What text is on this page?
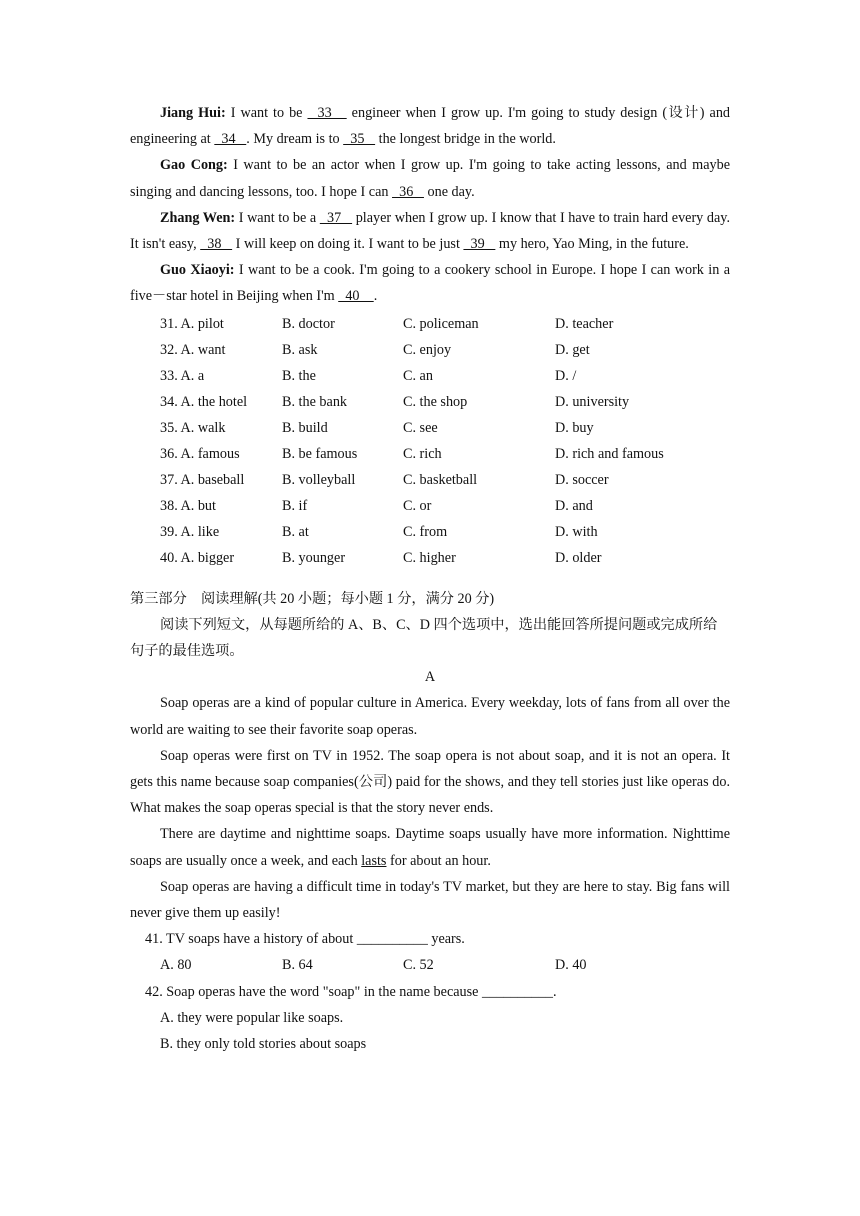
Jiang Hui: I want to be   33    engineer when I grow up. I'm going to study design (设计) and engineering at   34   . My dream is to   35    the longest bridge in the world.

Gao Cong: I want to be an actor when I grow up. I'm going to take acting lessons, and maybe singing and dancing lessons, too. I hope I can   36    one day.

Zhang Wen: I want to be a   37    player when I grow up. I know that I have to train hard every day. It isn't easy,   38    I will keep on doing it. I want to be just   39    my hero, Yao Ming, in the future.

Guo Xiaoyi: I want to be a cook. I'm going to a cookery school in Europe. I hope I can work in a five－star hotel in Beijing when I'm   40    .

31. A. pilot	B. doctor	C. policeman	D. teacher
32. A. want	B. ask	C. enjoy	D. get
33. A. a	B. the	C. an	D. /
34. A. the hotel	B. the bank	C. the shop	D. university
35. A. walk	B. build	C. see	D. buy
36. A. famous	B. be famous	C. rich	D. rich and famous
37. A. baseball	B. volleyball	C. basketball	D. soccer
38. A. but	B. if	C. or	D. and
39. A. like	B. at	C. from	D. with
40. A. bigger	B. younger	C. higher	D. older
第三部分　阅读理解(共 20 小题；每小题 1 分，满分 20 分)

阅读下列短文，从每题所给的 A、B、C、D 四个选项中，选出能回答所提问题或完成所给句子的最佳选项。

A

Soap operas are a kind of popular culture in America. Every weekday, lots of fans from all over the world are waiting to see their favorite soap operas.

Soap operas were first on TV in 1952. The soap opera is not about soap, and it is not an opera. It gets this name because soap companies(公司) paid for the shows, and they tell stories just like operas do. What makes the soap operas special is that the story never ends.

There are daytime and nighttime soaps. Daytime soaps usually have more information. Nighttime soaps are usually once a week, and each lasts for about an hour.

Soap operas are having a difficult time in today's TV market, but they are here to stay. Big fans will never give them up easily!

41. TV soaps have a history of about __________ years.

A. 80	B. 64	C. 52	D. 40

42. Soap operas have the word "soap" in the name because __________.

A. they were popular like soaps.

B. they only told stories about soaps
